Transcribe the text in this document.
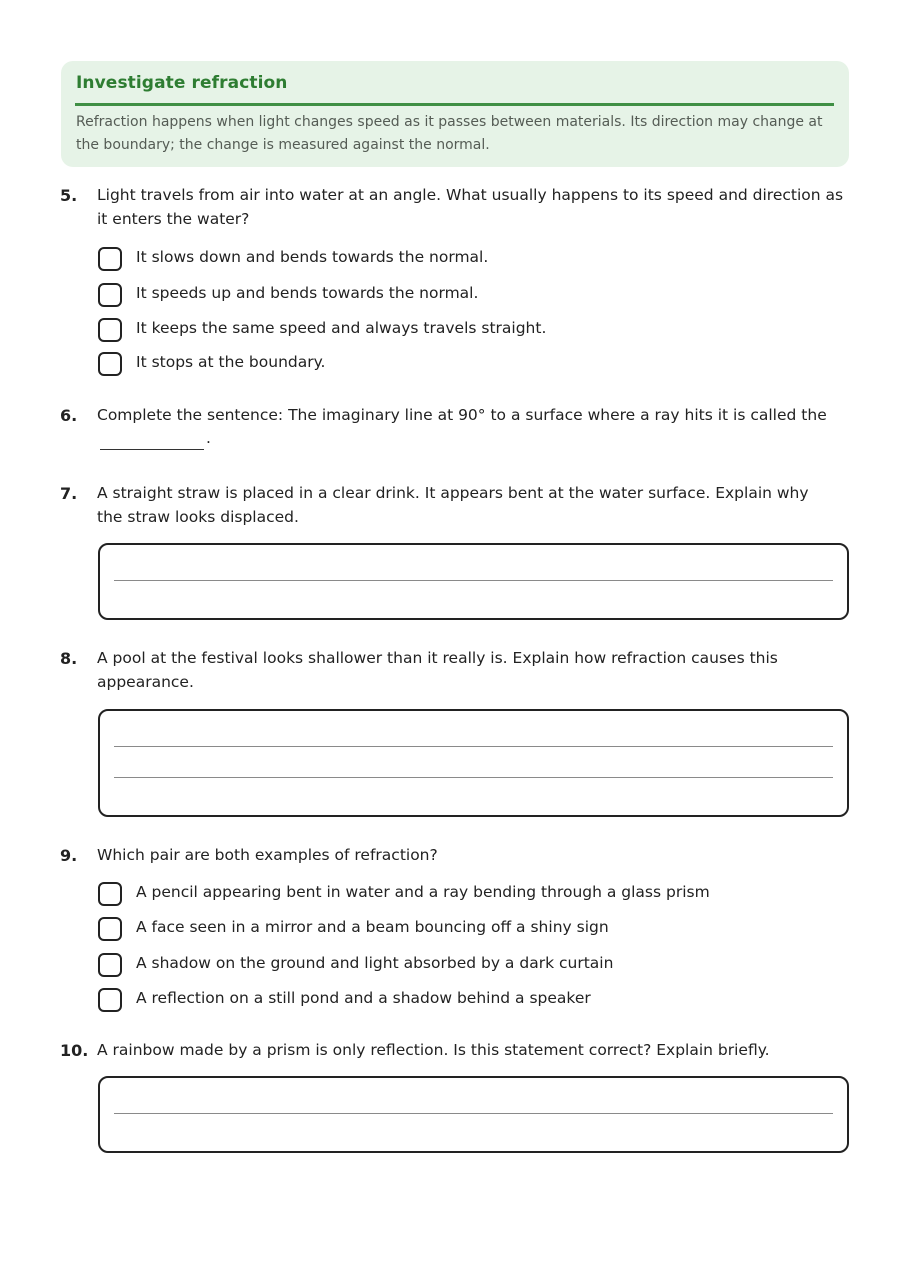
Investigate refraction
Refraction happens when light changes speed as it passes between materials. Its direction may change at the boundary; the change is measured against the normal.
5.	Light travels from air into water at an angle. What usually happens to its speed and direction as it enters the water?
It slows down and bends towards the normal.
It speeds up and bends towards the normal.
It keeps the same speed and always travels straight.
It stops at the boundary.
6.	Complete the sentence: The imaginary line at 90° to a surface where a ray hits it is called the
.
7.	A straight straw is placed in a clear drink. It appears bent at the water surface. Explain why the straw looks displaced.
8.	A pool at the festival looks shallower than it really is. Explain how refraction causes this appearance.
9.	Which pair are both examples of refraction?
A pencil appearing bent in water and a ray bending through a glass prism
A face seen in a mirror and a beam bouncing off a shiny sign
A shadow on the ground and light absorbed by a dark curtain
A reflection on a still pond and a shadow behind a speaker
10. A rainbow made by a prism is only reflection. Is this statement correct? Explain briefly.
